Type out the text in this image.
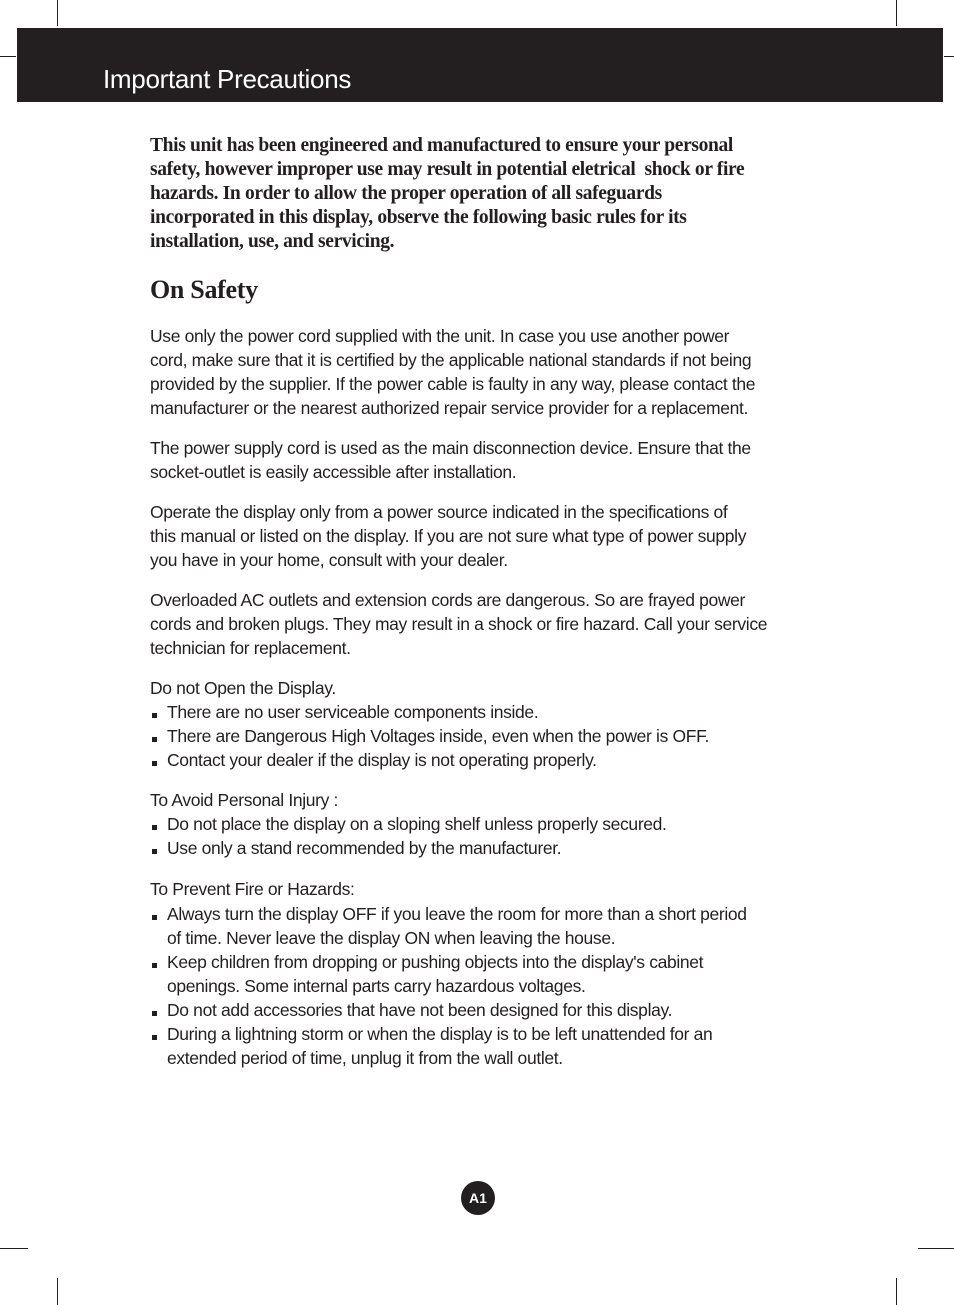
Important Precautions

This unit has been engineered and manufactured to ensure your personal
safety, however improper use may result in potential eletrical  shock or fire
hazards. In order to allow the proper operation of all safeguards
incorporated in this display, observe the following basic rules for its
installation, use, and servicing.

On Safety

Use only the power cord supplied with the unit. In case you use another power
cord, make sure that it is certified by the applicable national standards if not being
provided by the supplier. If the power cable is faulty in any way, please contact the
manufacturer or the nearest authorized repair service provider for a replacement.

The power supply cord is used as the main disconnection device. Ensure that the
socket-outlet is easily accessible after installation.

Operate the display only from a power source indicated in the specifications of
this manual or listed on the display. If you are not sure what type of power supply
you have in your home, consult with your dealer.

Overloaded AC outlets and extension cords are dangerous. So are frayed power
cords and broken plugs. They may result in a shock or fire hazard. Call your service
technician for replacement.

Do not Open the Display.

There are no user serviceable components inside.
There are Dangerous High Voltages inside, even when the power is OFF.
Contact your dealer if the display is not operating properly.

To Avoid Personal Injury :

Do not place the display on a sloping shelf unless properly secured.
Use only a stand recommended by the manufacturer.

To Prevent Fire or Hazards:

Always turn the display OFF if you leave the room for more than a short period
of time. Never leave the display ON when leaving the house.
Keep children from dropping or pushing objects into the display's cabinet
openings. Some internal parts carry hazardous voltages.
Do not add accessories that have not been designed for this display.
During a lightning storm or when the display is to be left unattended for an
extended period of time, unplug it from the wall outlet.
A1
